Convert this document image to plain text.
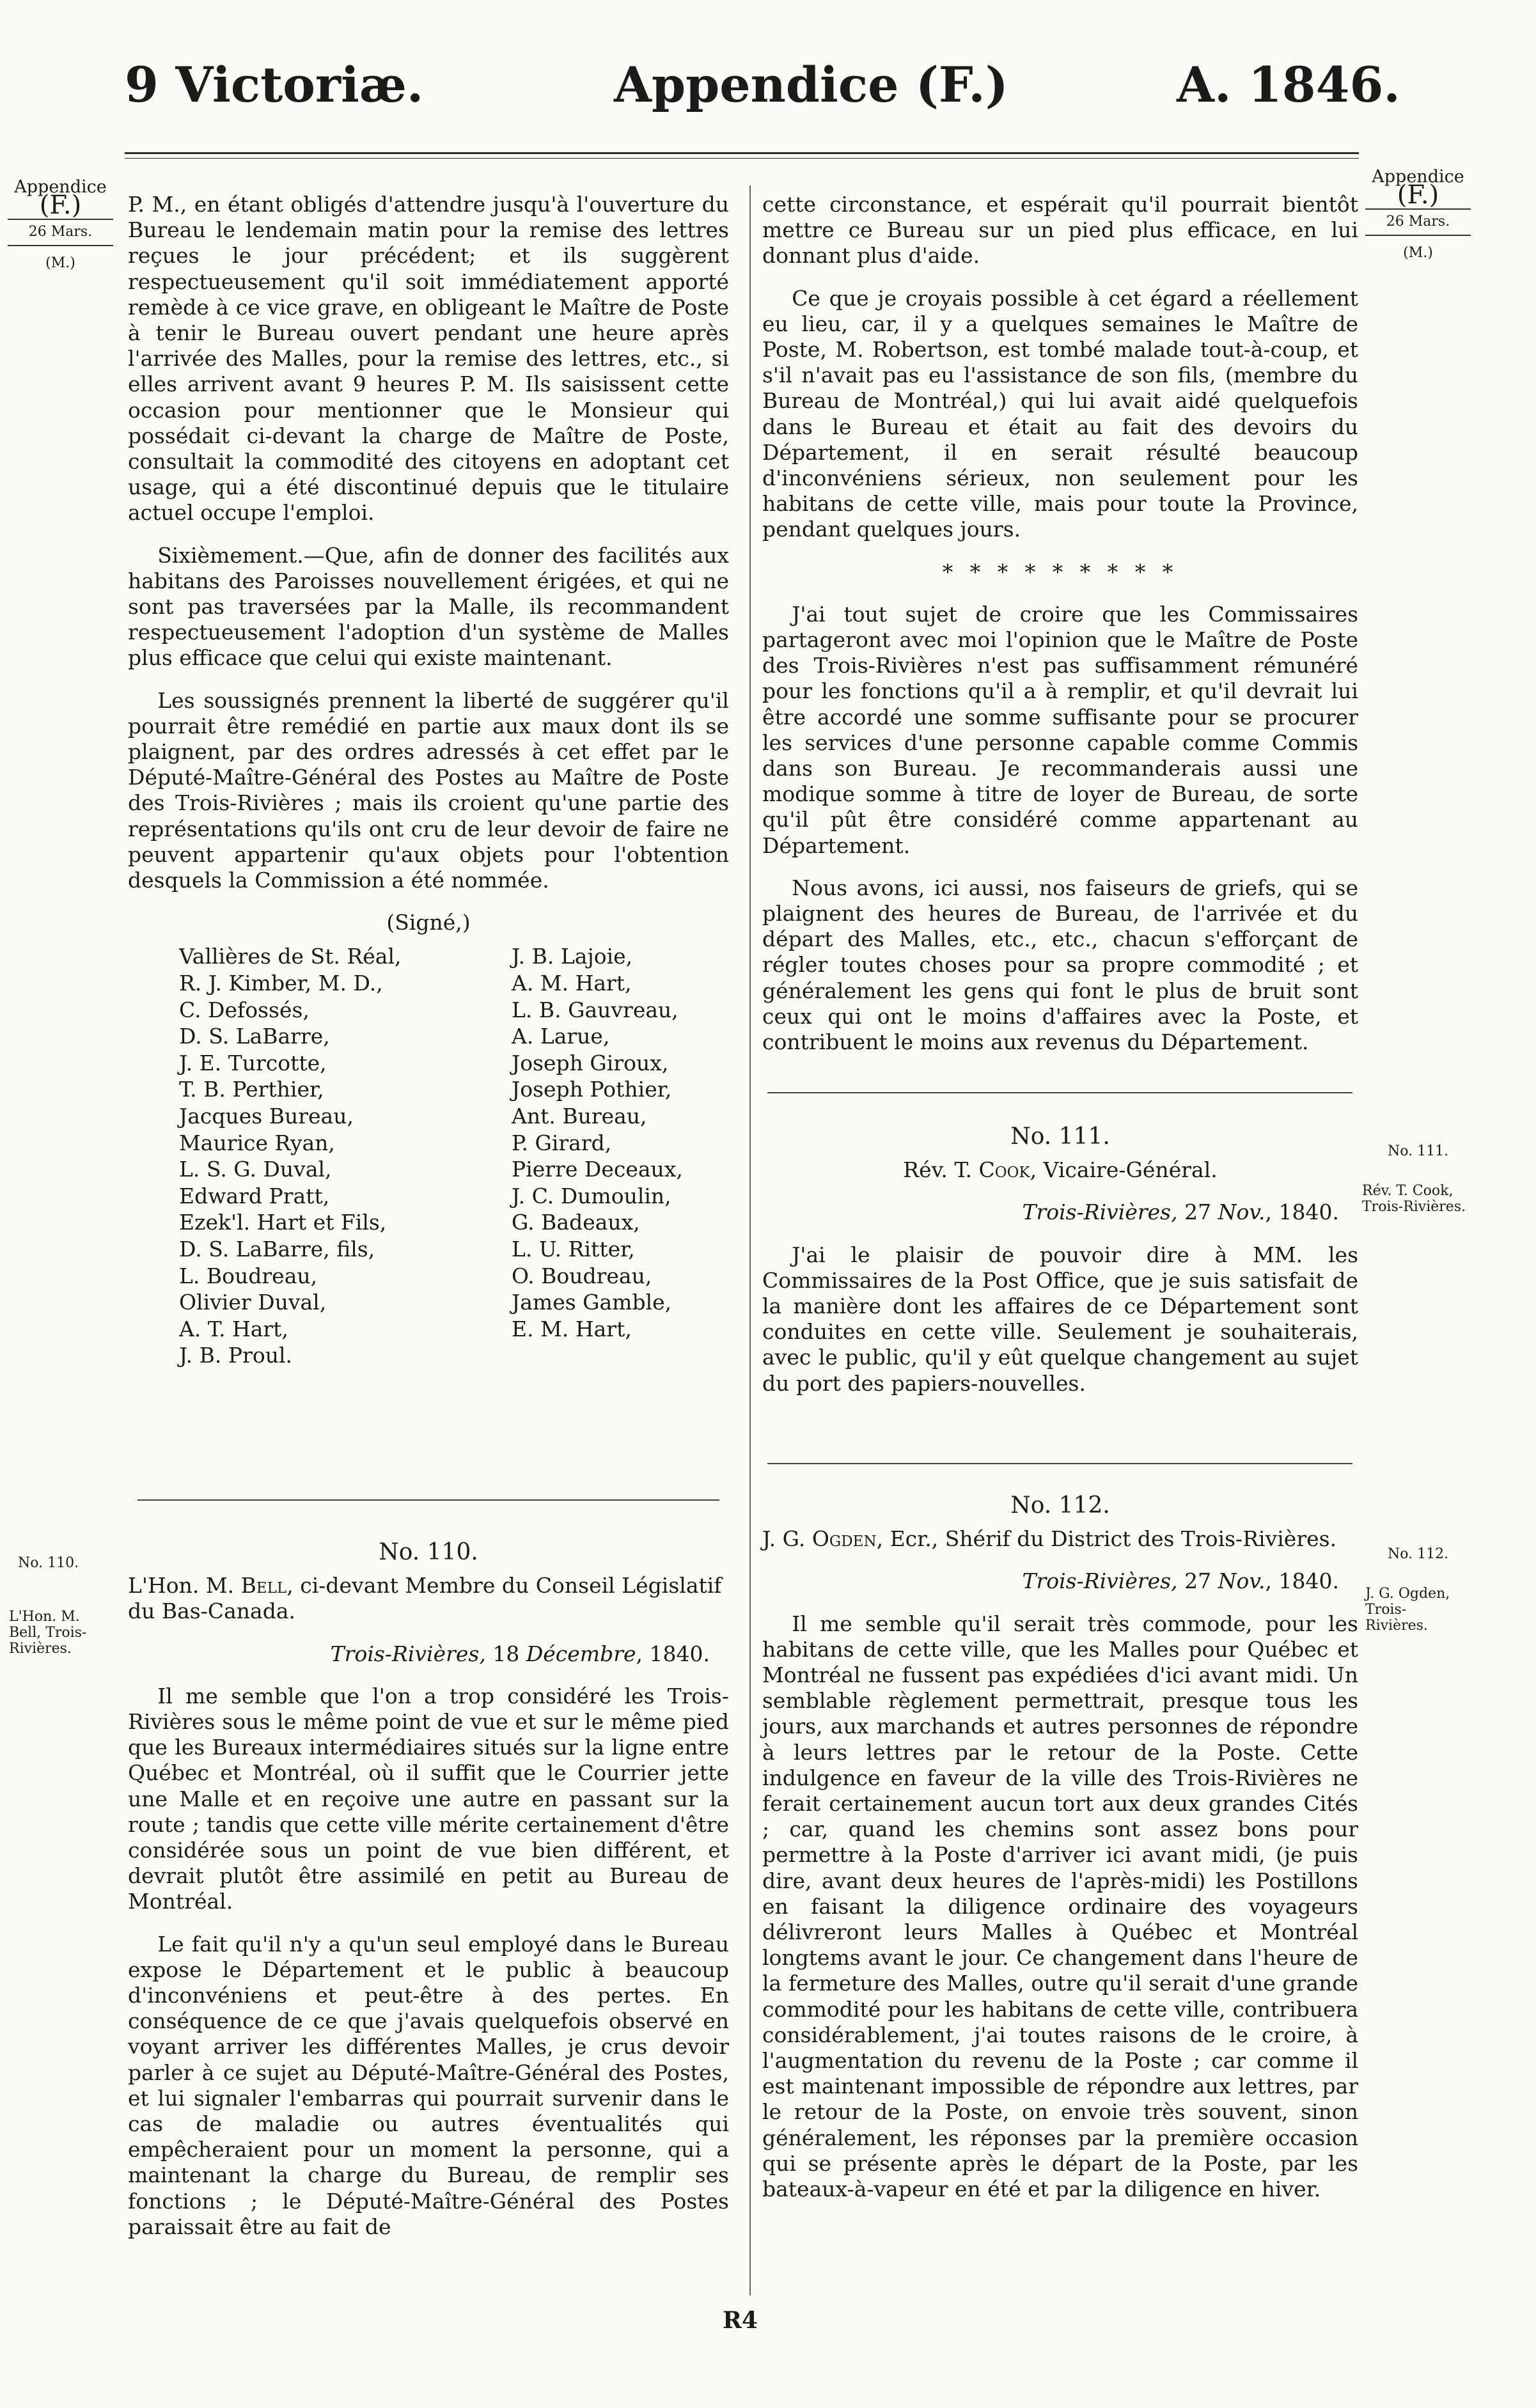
9 Victoriæ.	Appendice (F.)	A. 1846.
Appendice
(F.)
26 Mars.
(M.)
Appendice
(F.)
26 Mars.
(M.)

P. M., en étant obligés d'attendre jusqu'à l'ouverture du Bureau le lendemain matin pour la remise des lettres reçues le jour précédent; et ils suggèrent respectueusement qu'il soit immédiatement apporté remède à ce vice grave, en obligeant le Maître de Poste à tenir le Bureau ouvert pendant une heure après l'arrivée des Malles, pour la remise des lettres, etc., si elles arrivent avant 9 heures P. M. Ils saisissent cette occasion pour mentionner que le Monsieur qui possédait ci-devant la charge de Maître de Poste, consultait la commodité des citoyens en adoptant cet usage, qui a été discontinué depuis que le titulaire actuel occupe l'emploi.

Sixièmement.—Que, afin de donner des facilités aux habitans des Paroisses nouvellement érigées, et qui ne sont pas traversées par la Malle, ils recommandent respectueusement l'adoption d'un système de Malles plus efficace que celui qui existe maintenant.

Les soussignés prennent la liberté de suggérer qu'il pourrait être remédié en partie aux maux dont ils se plaignent, par des ordres adressés à cet effet par le Député-Maître-Général des Postes au Maître de Poste des Trois-Rivières ; mais ils croient qu'une partie des représentations qu'ils ont cru de leur devoir de faire ne peuvent appartenir qu'aux objets pour l'obtention desquels la Commission a été nommée.

(Signé,)
Vallières de St. Réal,
R. J. Kimber, M. D.,
C. Defossés,
D. S. LaBarre,
J. E. Turcotte,
T. B. Perthier,
Jacques Bureau,
Maurice Ryan,
L. S. G. Duval,
Edward Pratt,
Ezek'l. Hart et Fils,
D. S. LaBarre, fils,
L. Boudreau,
Olivier Duval,
A. T. Hart,
J. B. Proul.
J. B. Lajoie,
A. M. Hart,
L. B. Gauvreau,
A. Larue,
Joseph Giroux,
Joseph Pothier,
Ant. Bureau,
P. Girard,
Pierre Deceaux,
J. C. Dumoulin,
G. Badeaux,
L. U. Ritter,
O. Boudreau,
James Gamble,
E. M. Hart,
No. 110.

L'Hon. M. Bell, ci-devant Membre du Conseil Législatif du Bas-Canada.

Trois-Rivières, 18 Décembre, 1840.

Il me semble que l'on a trop considéré les Trois-Rivières sous le même point de vue et sur le même pied que les Bureaux intermédiaires situés sur la ligne entre Québec et Montréal, où il suffit que le Courrier jette une Malle et en reçoive une autre en passant sur la route ; tandis que cette ville mérite certainement d'être considérée sous un point de vue bien différent, et devrait plutôt être assimilé en petit au Bureau de Montréal.

Le fait qu'il n'y a qu'un seul employé dans le Bureau expose le Département et le public à beaucoup d'inconvéniens et peut-être à des pertes. En conséquence de ce que j'avais quelquefois observé en voyant arriver les différentes Malles, je crus devoir parler à ce sujet au Député-Maître-Général des Postes, et lui signaler l'embarras qui pourrait survenir dans le cas de maladie ou autres éventualités qui empêcheraient pour un moment la personne, qui a maintenant la charge du Bureau, de remplir ses fonctions ; le Député-Maître-Général des Postes paraissait être au fait de

No. 110.
L'Hon. M. Bell, Trois-Rivières.

cette circonstance, et espérait qu'il pourrait bientôt mettre ce Bureau sur un pied plus efficace, en lui donnant plus d'aide.

Ce que je croyais possible à cet égard a réellement eu lieu, car, il y a quelques semaines le Maître de Poste, M. Robertson, est tombé malade tout-à-coup, et s'il n'avait pas eu l'assistance de son fils, (membre du Bureau de Montréal,) qui lui avait aidé quelquefois dans le Bureau et était au fait des devoirs du Département, il en serait résulté beaucoup d'inconvéniens sérieux, non seulement pour les habitans de cette ville, mais pour toute la Province, pendant quelques jours.

* * * * * * * * *

J'ai tout sujet de croire que les Commissaires partageront avec moi l'opinion que le Maître de Poste des Trois-Rivières n'est pas suffisamment rémunéré pour les fonctions qu'il a à remplir, et qu'il devrait lui être accordé une somme suffisante pour se procurer les services d'une personne capable comme Commis dans son Bureau. Je recommanderais aussi une modique somme à titre de loyer de Bureau, de sorte qu'il pût être considéré comme appartenant au Département.

Nous avons, ici aussi, nos faiseurs de griefs, qui se plaignent des heures de Bureau, de l'arrivée et du départ des Malles, etc., etc., chacun s'efforçant de régler toutes choses pour sa propre commodité ; et généralement les gens qui font le plus de bruit sont ceux qui ont le moins d'affaires avec la Poste, et contribuent le moins aux revenus du Département.

No. 111.

Rév. T. Cook, Vicaire-Général.

Trois-Rivières, 27 Nov., 1840.

J'ai le plaisir de pouvoir dire à MM. les Commissaires de la Post Office, que je suis satisfait de la manière dont les affaires de ce Département sont conduites en cette ville. Seulement je souhaiterais, avec le public, qu'il y eût quelque changement au sujet du port des papiers-nouvelles.

No. 111.
Rév. T. Cook, Trois-Rivières.
No. 112.

J. G. Ogden, Ecr., Shérif du District des Trois-Rivières.

Trois-Rivières, 27 Nov., 1840.

Il me semble qu'il serait très commode, pour les habitans de cette ville, que les Malles pour Québec et Montréal ne fussent pas expédiées d'ici avant midi. Un semblable règlement permettrait, presque tous les jours, aux marchands et autres personnes de répondre à leurs lettres par le retour de la Poste. Cette indulgence en faveur de la ville des Trois-Rivières ne ferait certainement aucun tort aux deux grandes Cités ; car, quand les chemins sont assez bons pour permettre à la Poste d'arriver ici avant midi, (je puis dire, avant deux heures de l'après-midi) les Postillons en faisant la diligence ordinaire des voyageurs délivreront leurs Malles à Québec et Montréal longtems avant le jour. Ce changement dans l'heure de la fermeture des Malles, outre qu'il serait d'une grande commodité pour les habitans de cette ville, contribuera considérablement, j'ai toutes raisons de le croire, à l'augmentation du revenu de la Poste ; car comme il est maintenant impossible de répondre aux lettres, par le retour de la Poste, on envoie très souvent, sinon généralement, les réponses par la première occasion qui se présente après le départ de la Poste, par les bateaux-à-vapeur en été et par la diligence en hiver.

No. 112.
J. G. Ogden, Trois-Rivières.
R4
